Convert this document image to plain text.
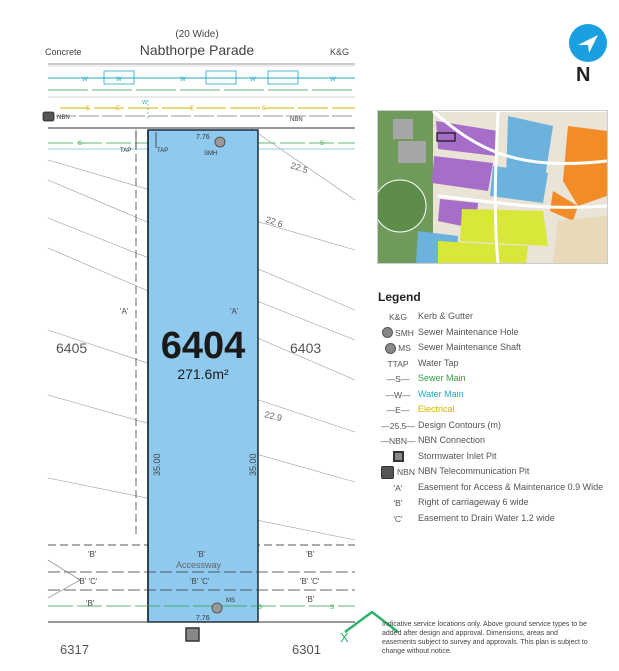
W	W	W	W	W
E	E	E	E
NBN	NBN
W
S	S
22.5
22.6
22.9
'A'	'A'
Accessway
'B'	'B'	'B'
'B' 'C'	'B' 'C'	'B' 'C'
'B'	'B'
S	S
SMH
MS
TAP	TAP
6404
271.6m²
7.76
7.76
35.00	35.00
(20 Wide)
Nabthorpe Parade
Concrete	K&G
6405	6403
6317	6301
X
N
Legend
K&G	Kerb & Gutter
SMH Sewer Maintenance Hole
MS Sewer Maintenance Shaft
T TAP Water Tap
—S— Sewer Main
—W— Water Main
—E— Electrical
—25.5— Design Contours (m)
—NBN— NBN Connection
Stormwater Inlet Pit
NBN NBN Telecommunication Pit
'A'	Easement for Access & Maintenance 0.9 Wide
'B'	Right of carriageway 6 wide
'C'	Easement to Drain Water 1.2 wide
Indicative service locations only. Above ground service types to be added after design and approval. Dimensions, areas and easements subject to survey and approvals. This plan is subject to change without notice.
